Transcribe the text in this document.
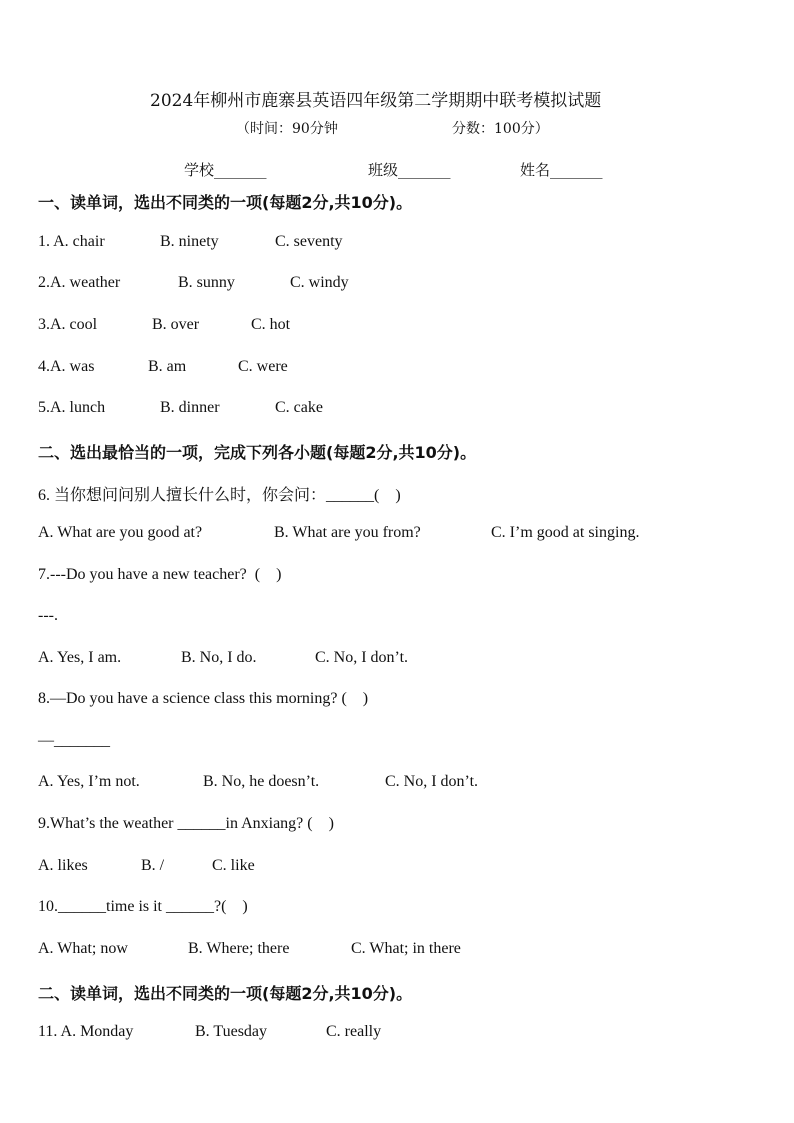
2024年柳州市鹿寨县英语四年级第二学期期中联考模拟试题
（时间：90分钟	分数：100分）
学校_______	班级_______	姓名_______
一、读单词，选出不同类的一项(每题2分,共10分)。
1. A. chair	B. ninety	C. seventy
2.A. weather	B. sunny	C. windy
3.A. cool	B. over	C. hot
4.A. was	B. am	C. were
5.A. lunch	B. dinner	C. cake
二、选出最恰当的一项，完成下列各小题(每题2分,共10分)。
6. 当你想问问别人擅长什么时，你会问：______(    )
A. What are you good at?	B. What are you from?	C. I’m good at singing.
7.---Do you have a new teacher?  (    )
---.
A. Yes, I am.	B. No, I do.	C. No, I don’t.
8.—Do you have a science class this morning? (    )
—_______
A. Yes, I’m not.	B. No, he doesn’t.	C. No, I don’t.
9.What’s the weather ______in Anxiang? (    )
A. likes	B. /	C. like
10.______time is it ______?(    )
A. What; now	B. Where; there	C. What; in there
二、读单词，选出不同类的一项(每题2分,共10分)。
11. A. Monday	B. Tuesday	C. really
